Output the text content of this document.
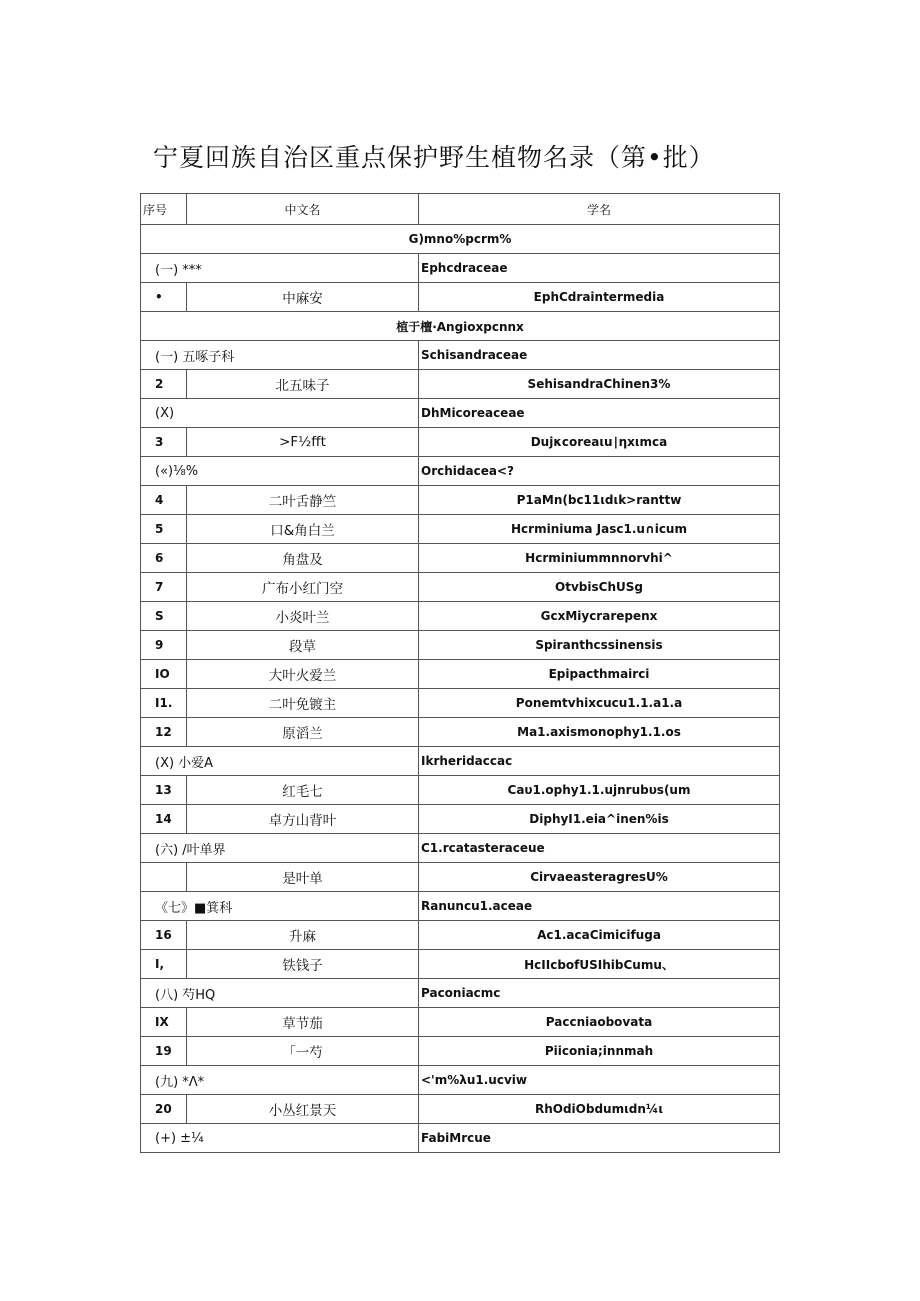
宁夏回族自治区重点保护野生植物名录（第•批）
序号	中文名	学名
G)mno%pcrm%		
(一) ***		Ephcdraceae
•	中麻安	EphCdraintermedia
植于檀·Angioxpcnnx		
(一) 五啄子科		Schisandraceae
2	北五味子	SehisandraChinen3%
(X)		DhMicoreaceae
3	>F½fft	Dujκcoreaιu∣ηxιmca
(«)⅛%		Orchidacea<?
4	二叶舌静竺	P1aMn(bc11ιdιk>ranttw
5	口&角白兰	Hcrminiuma Jasc1.u∩icum
6	角盘及	Hcrminiummnnorvhi^
7	广布小红门空	OtvbisChUSg
S	小炎叶兰	GcxMiycrarepenx
9	段草	Spiranthcssinensis
IO	大叶火爱兰	Epipacthmairci
I1.	二叶免镀主	Ponemtvhixcucu1.1.a1.a
12	原滔兰	Ma1.axismonophy1.1.os
(X) 小爱A		Ikrheridaccac
13	红毛七	Caυ1.ophy1.1.ujnrubυs(um
14	卓方山背叶	DiphyI1.eia^inen%is
(六) /叶单界		C1.rcatasteraceue
	是叶单	CirvaeasteragresU%
《七》■箕科		Ranuncu1.aceae
16	升麻	Ac1.acaCimicifuga
I,	铁钱子	HcIIcbofUSIhibCumu、
(八) 芍HQ		Paconiacmc
IX	草节茄	Paccniaobovata
19	「一芍	Piiconia;innmah
(九) *Λ*		<'m%λu1.ucviw
20	小丛红景天	RhOdiObdumιdn¼ι
(+) ±¼		FabiMrcue
